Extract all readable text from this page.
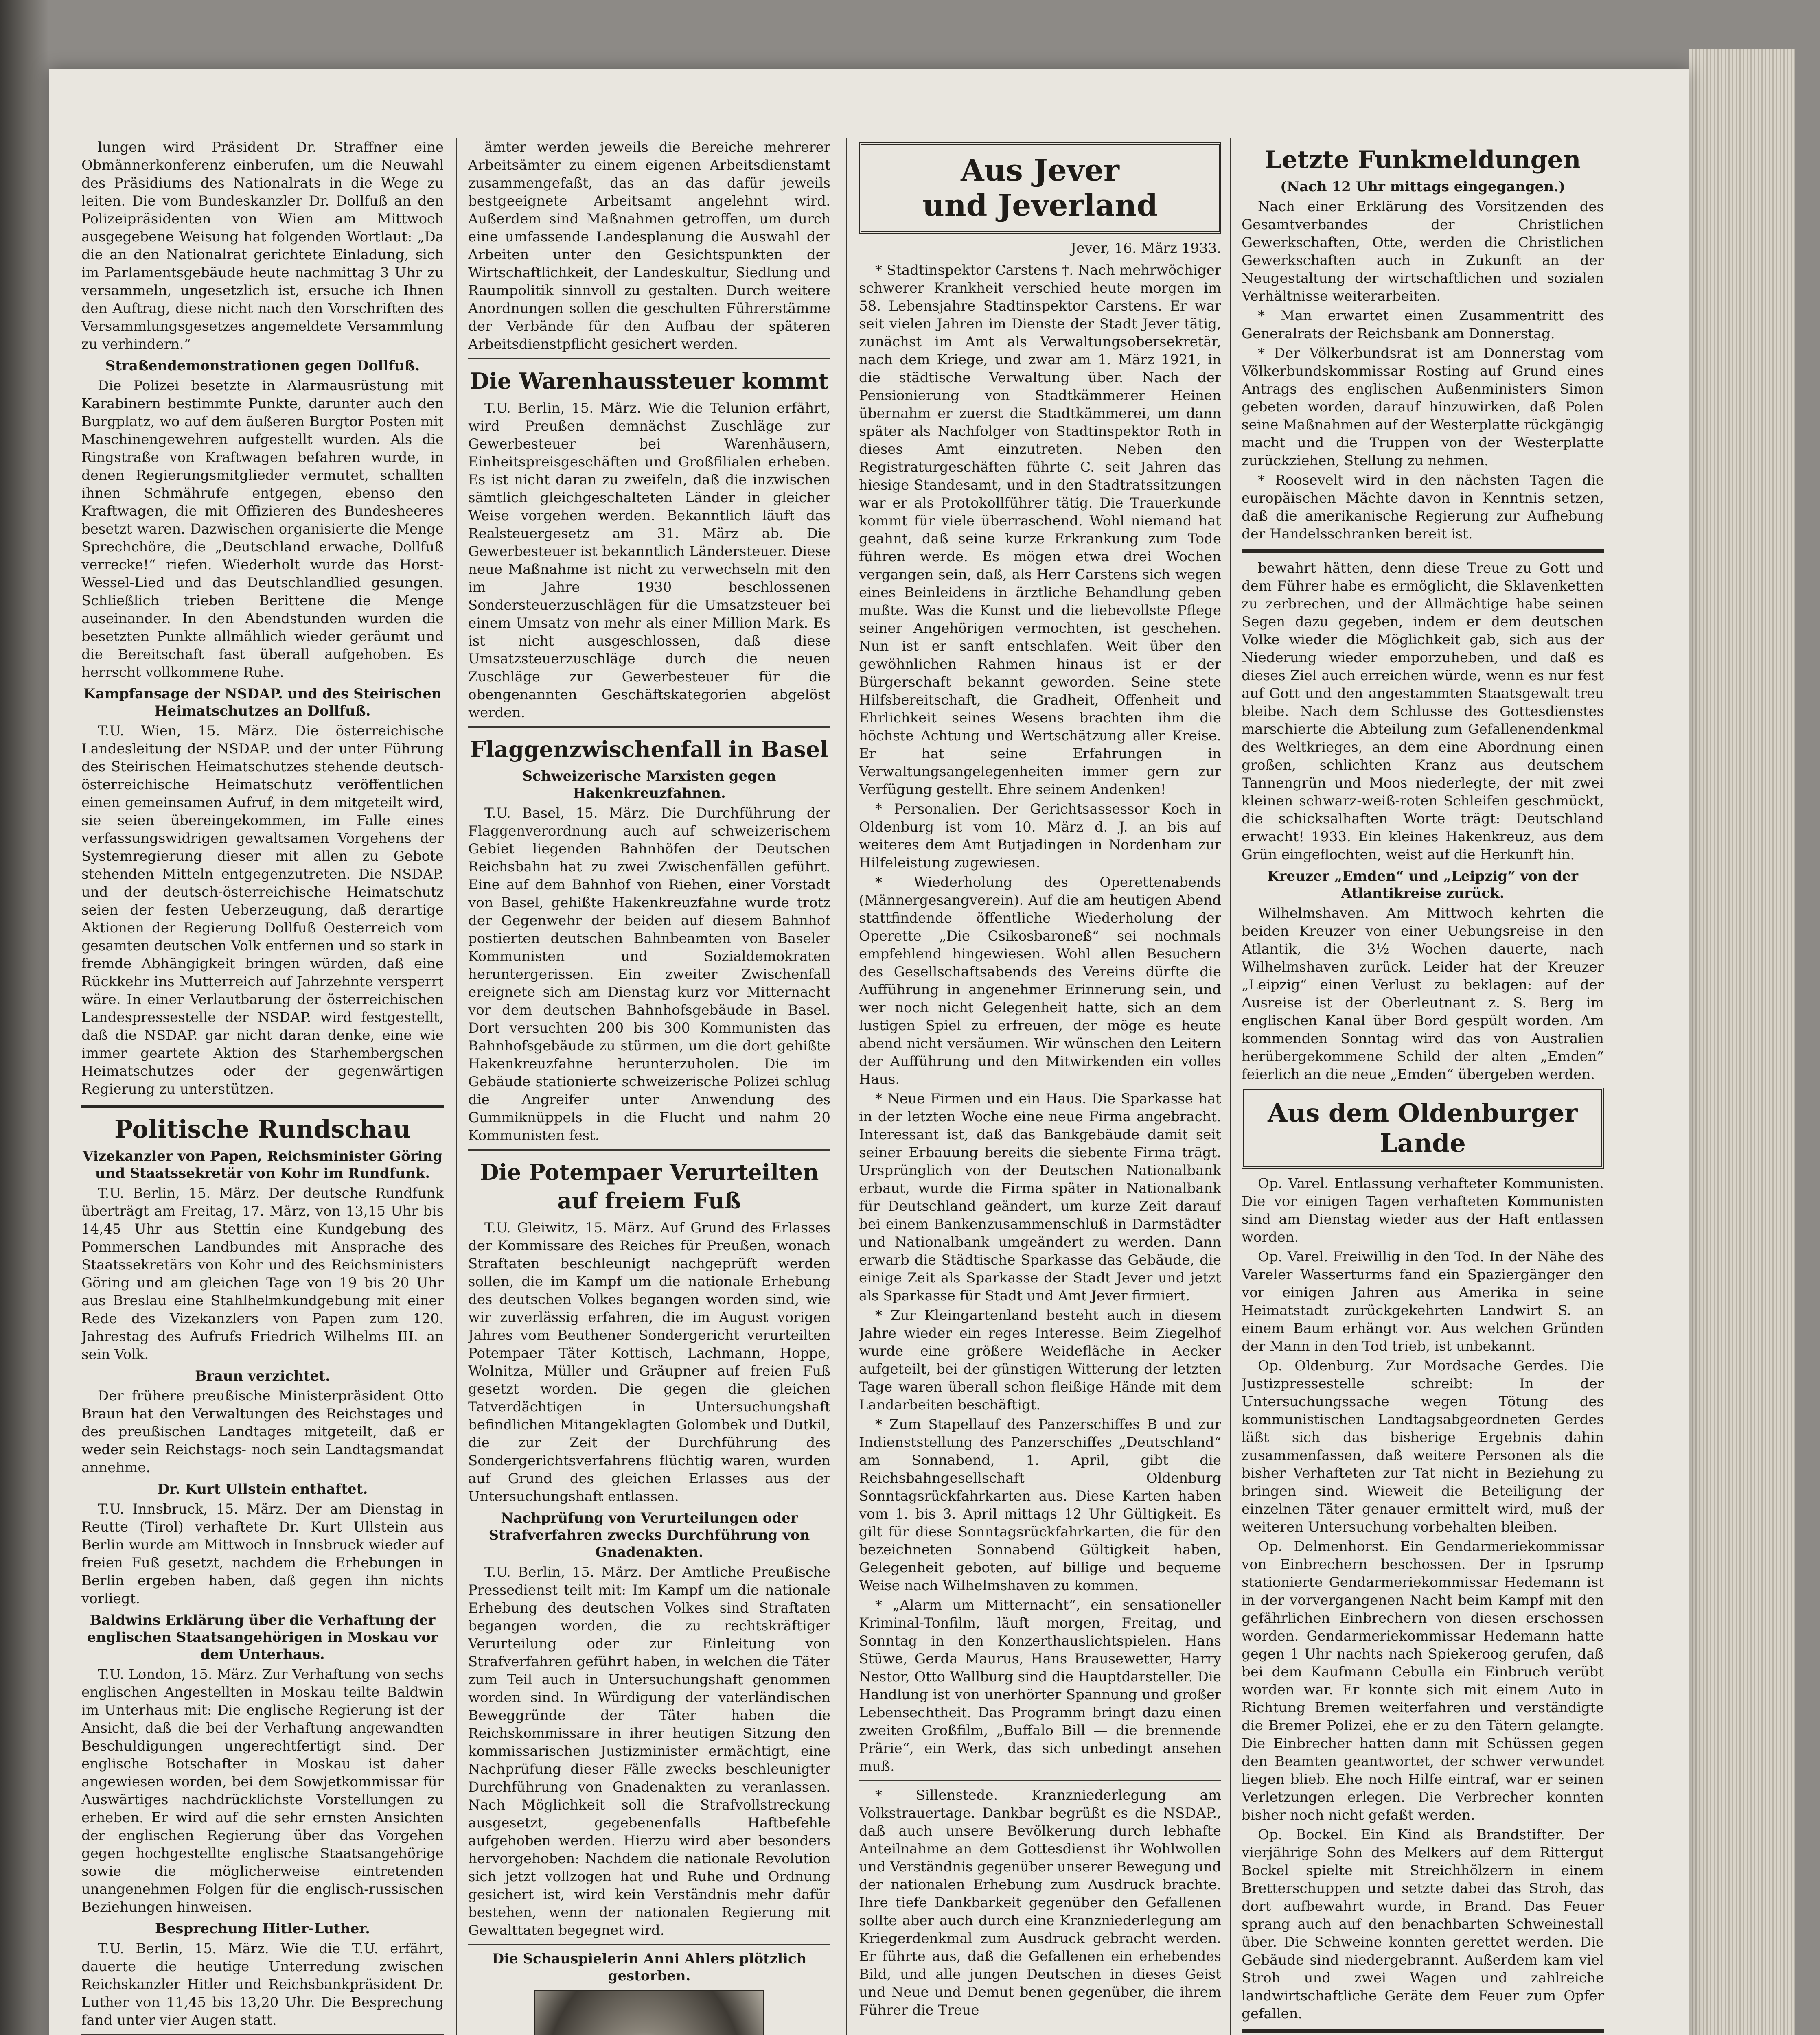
lungen wird Präsident Dr. Straffner eine Obmännerkonferenz einberufen, um die Neuwahl des Präsidiums des Nationalrats in die Wege zu leiten. Die vom Bundeskanzler Dr. Dollfuß an den Polizeipräsidenten von Wien am Mittwoch ausgegebene Weisung hat folgenden Wortlaut: „Da die an den Nationalrat gerichtete Einladung, sich im Parlamentsgebäude heute nachmittag 3 Uhr zu versammeln, ungesetzlich ist, ersuche ich Ihnen den Auftrag, diese nicht nach den Vorschriften des Versammlungsgesetzes angemeldete Versammlung zu verhindern.“

Straßendemonstrationen gegen Dollfuß.

Die Polizei besetzte in Alarmausrüstung mit Karabinern bestimmte Punkte, darunter auch den Burgplatz, wo auf dem äußeren Burgtor Posten mit Maschinengewehren aufgestellt wurden. Als die Ringstraße von Kraftwagen befahren wurde, in denen Regierungsmitglieder vermutet, schallten ihnen Schmährufe entgegen, ebenso den Kraftwagen, die mit Offizieren des Bundesheeres besetzt waren. Dazwischen organisierte die Menge Sprechchöre, die „Deutschland erwache, Dollfuß verrecke!“ riefen. Wiederholt wurde das Horst-Wessel-Lied und das Deutschlandlied gesungen. Schließlich trieben Berittene die Menge auseinander. In den Abendstunden wurden die besetzten Punkte allmählich wieder geräumt und die Bereitschaft fast überall aufgehoben. Es herrscht vollkommene Ruhe.

Kampfansage der NSDAP. und des Steirischen Heimatschutzes an Dollfuß.

T.U. Wien, 15. März. Die österreichische Landesleitung der NSDAP. und der unter Führung des Steirischen Heimatschutzes stehende deutsch-österreichische Heimatschutz veröffentlichen einen gemeinsamen Aufruf, in dem mitgeteilt wird, sie seien übereingekommen, im Falle eines verfassungswidrigen gewaltsamen Vorgehens der Systemregierung dieser mit allen zu Gebote stehenden Mitteln entgegenzutreten. Die NSDAP. und der deutsch-österreichische Heimatschutz seien der festen Ueberzeugung, daß derartige Aktionen der Regierung Dollfuß Oesterreich vom gesamten deutschen Volk entfernen und so stark in fremde Abhängigkeit bringen würden, daß eine Rückkehr ins Mutterreich auf Jahrzehnte versperrt wäre. In einer Verlautbarung der österreichischen Landespressestelle der NSDAP. wird festgestellt, daß die NSDAP. gar nicht daran denke, eine wie immer geartete Aktion des Starhembergschen Heimatschutzes oder der gegenwärtigen Regierung zu unterstützen.

Politische Rundschau
Vizekanzler von Papen, Reichsminister Göring und Staatssekretär von Kohr im Rundfunk.

T.U. Berlin, 15. März. Der deutsche Rundfunk überträgt am Freitag, 17. März, von 13,15 Uhr bis 14,45 Uhr aus Stettin eine Kundgebung des Pommerschen Landbundes mit Ansprache des Staatssekretärs von Kohr und des Reichsministers Göring und am gleichen Tage von 19 bis 20 Uhr aus Breslau eine Stahlhelmkundgebung mit einer Rede des Vizekanzlers von Papen zum 120. Jahrestag des Aufrufs Friedrich Wilhelms III. an sein Volk.

Braun verzichtet.

Der frühere preußische Ministerpräsident Otto Braun hat den Verwaltungen des Reichstages und des preußischen Landtages mitgeteilt, daß er weder sein Reichstags- noch sein Landtagsmandat annehme.

Dr. Kurt Ullstein enthaftet.

T.U. Innsbruck, 15. März. Der am Dienstag in Reutte (Tirol) verhaftete Dr. Kurt Ullstein aus Berlin wurde am Mittwoch in Innsbruck wieder auf freien Fuß gesetzt, nachdem die Erhebungen in Berlin ergeben haben, daß gegen ihn nichts vorliegt.

Baldwins Erklärung über die Verhaftung der englischen Staatsangehörigen in Moskau vor dem Unterhaus.

T.U. London, 15. März. Zur Verhaftung von sechs englischen Angestellten in Moskau teilte Baldwin im Unterhaus mit: Die englische Regierung ist der Ansicht, daß die bei der Verhaftung angewandten Beschuldigungen ungerechtfertigt sind. Der englische Botschafter in Moskau ist daher angewiesen worden, bei dem Sowjetkommissar für Auswärtiges nachdrücklichste Vorstellungen zu erheben. Er wird auf die sehr ernsten Ansichten der englischen Regierung über das Vorgehen gegen hochgestellte englische Staatsangehörige sowie die möglicherweise eintretenden unangenehmen Folgen für die englisch-russischen Beziehungen hinweisen.

Besprechung Hitler-Luther.

T.U. Berlin, 15. März. Wie die T.U. erfährt, dauerte die heutige Unterredung zwischen Reichskanzler Hitler und Reichsbankpräsident Dr. Luther von 11,45 bis 13,20 Uhr. Die Besprechung fand unter vier Augen statt.

ämter werden jeweils die Bereiche mehrerer Arbeitsämter zu einem eigenen Arbeitsdienstamt zusammengefaßt, das an das dafür jeweils bestgeeignete Arbeitsamt angelehnt wird. Außerdem sind Maßnahmen getroffen, um durch eine umfassende Landesplanung die Auswahl der Arbeiten unter den Gesichtspunkten der Wirtschaftlichkeit, der Landeskultur, Siedlung und Raumpolitik sinnvoll zu gestalten. Durch weitere Anordnungen sollen die geschulten Führerstämme der Verbände für den Aufbau der späteren Arbeitsdienstpflicht gesichert werden.

Die Warenhaussteuer kommt

T.U. Berlin, 15. März. Wie die Telunion erfährt, wird Preußen demnächst Zuschläge zur Gewerbesteuer bei Warenhäusern, Einheitspreisgeschäften und Großfilialen erheben. Es ist nicht daran zu zweifeln, daß die inzwischen sämtlich gleichgeschalteten Länder in gleicher Weise vorgehen werden. Bekanntlich läuft das Realsteuergesetz am 31. März ab. Die Gewerbesteuer ist bekanntlich Ländersteuer. Diese neue Maßnahme ist nicht zu verwechseln mit den im Jahre 1930 beschlossenen Sondersteuerzuschlägen für die Umsatzsteuer bei einem Umsatz von mehr als einer Million Mark. Es ist nicht ausgeschlossen, daß diese Umsatzsteuerzuschläge durch die neuen Zuschläge zur Gewerbesteuer für die obengenannten Geschäftskategorien abgelöst werden.

Flaggenzwischenfall in Basel
Schweizerische Marxisten gegen Hakenkreuzfahnen.

T.U. Basel, 15. März. Die Durchführung der Flaggenverordnung auch auf schweizerischem Gebiet liegenden Bahnhöfen der Deutschen Reichsbahn hat zu zwei Zwischenfällen geführt. Eine auf dem Bahnhof von Riehen, einer Vorstadt von Basel, gehißte Hakenkreuzfahne wurde trotz der Gegenwehr der beiden auf diesem Bahnhof postierten deutschen Bahnbeamten von Baseler Kommunisten und Sozialdemokraten heruntergerissen. Ein zweiter Zwischenfall ereignete sich am Dienstag kurz vor Mitternacht vor dem deutschen Bahnhofsgebäude in Basel. Dort versuchten 200 bis 300 Kommunisten das Bahnhofsgebäude zu stürmen, um die dort gehißte Hakenkreuzfahne herunterzuholen. Die im Gebäude stationierte schweizerische Polizei schlug die Angreifer unter Anwendung des Gummiknüppels in die Flucht und nahm 20 Kommunisten fest.

Die Potempaer Verurteilten auf freiem Fuß

T.U. Gleiwitz, 15. März. Auf Grund des Erlasses der Kommissare des Reiches für Preußen, wonach Straftaten beschleunigt nachgeprüft werden sollen, die im Kampf um die nationale Erhebung des deutschen Volkes begangen worden sind, wie wir zuverlässig erfahren, die im August vorigen Jahres vom Beuthener Sondergericht verurteilten Potempaer Täter Kottisch, Lachmann, Hoppe, Wolnitza, Müller und Gräupner auf freien Fuß gesetzt worden. Die gegen die gleichen Tatverdächtigen in Untersuchungshaft befindlichen Mitangeklagten Golombek und Dutkil, die zur Zeit der Durchführung des Sondergerichtsverfahrens flüchtig waren, wurden auf Grund des gleichen Erlasses aus der Untersuchungshaft entlassen.

Nachprüfung von Verurteilungen oder Strafverfahren zwecks Durchführung von Gnadenakten.

T.U. Berlin, 15. März. Der Amtliche Preußische Pressedienst teilt mit: Im Kampf um die nationale Erhebung des deutschen Volkes sind Straftaten begangen worden, die zu rechtskräftiger Verurteilung oder zur Einleitung von Strafverfahren geführt haben, in welchen die Täter zum Teil auch in Untersuchungshaft genommen worden sind. In Würdigung der vaterländischen Beweggründe der Täter haben die Reichskommissare in ihrer heutigen Sitzung den kommissarischen Justizminister ermächtigt, eine Nachprüfung dieser Fälle zwecks beschleunigter Durchführung von Gnadenakten zu veranlassen. Nach Möglichkeit soll die Strafvollstreckung ausgesetzt, gegebenenfalls Haftbefehle aufgehoben werden. Hierzu wird aber besonders hervorgehoben: Nachdem die nationale Revolution sich jetzt vollzogen hat und Ruhe und Ordnung gesichert ist, wird kein Verständnis mehr dafür bestehen, wenn der nationalen Regierung mit Gewalttaten begegnet wird.

Die Schauspielerin Anni Ahlers plötzlich gestorben.

Aus Jever
und Jeverland
Jever, 16. März 1933.

* Stadtinspektor Carstens †. Nach mehrwöchiger schwerer Krankheit verschied heute morgen im 58. Lebensjahre Stadtinspektor Carstens. Er war seit vielen Jahren im Dienste der Stadt Jever tätig, zunächst im Amt als Verwaltungsobersekretär, nach dem Kriege, und zwar am 1. März 1921, in die städtische Verwaltung über. Nach der Pensionierung von Stadtkämmerer Heinen übernahm er zuerst die Stadtkämmerei, um dann später als Nachfolger von Stadtinspektor Roth in dieses Amt einzutreten. Neben den Registraturgeschäften führte C. seit Jahren das hiesige Standesamt, und in den Stadtratssitzungen war er als Protokollführer tätig. Die Trauerkunde kommt für viele überraschend. Wohl niemand hat geahnt, daß seine kurze Erkrankung zum Tode führen werde. Es mögen etwa drei Wochen vergangen sein, daß, als Herr Carstens sich wegen eines Beinleidens in ärztliche Behandlung geben mußte. Was die Kunst und die liebevollste Pflege seiner Angehörigen vermochten, ist geschehen. Nun ist er sanft entschlafen. Weit über den gewöhnlichen Rahmen hinaus ist er der Bürgerschaft bekannt geworden. Seine stete Hilfsbereitschaft, die Gradheit, Offenheit und Ehrlichkeit seines Wesens brachten ihm die höchste Achtung und Wertschätzung aller Kreise. Er hat seine Erfahrungen in Verwaltungsangelegenheiten immer gern zur Verfügung gestellt. Ehre seinem Andenken!

* Personalien. Der Gerichtsassessor Koch in Oldenburg ist vom 10. März d. J. an bis auf weiteres dem Amt Butjadingen in Nordenham zur Hilfeleistung zugewiesen.

* Wiederholung des Operettenabends (Männergesangverein). Auf die am heutigen Abend stattfindende öffentliche Wiederholung der Operette „Die Csikosbaroneß“ sei nochmals empfehlend hingewiesen. Wohl allen Besuchern des Gesellschaftsabends des Vereins dürfte die Aufführung in angenehmer Erinnerung sein, und wer noch nicht Gelegenheit hatte, sich an dem lustigen Spiel zu erfreuen, der möge es heute abend nicht versäumen. Wir wünschen den Leitern der Aufführung und den Mitwirkenden ein volles Haus.

* Neue Firmen und ein Haus. Die Sparkasse hat in der letzten Woche eine neue Firma angebracht. Interessant ist, daß das Bankgebäude damit seit seiner Erbauung bereits die siebente Firma trägt. Ursprünglich von der Deutschen Nationalbank erbaut, wurde die Firma später in Nationalbank für Deutschland geändert, um kurze Zeit darauf bei einem Bankenzusammenschluß in Darmstädter und Nationalbank umgeändert zu werden. Dann erwarb die Städtische Sparkasse das Gebäude, die einige Zeit als Sparkasse der Stadt Jever und jetzt als Sparkasse für Stadt und Amt Jever firmiert.

* Zur Kleingartenland besteht auch in diesem Jahre wieder ein reges Interesse. Beim Ziegelhof wurde eine größere Weidefläche in Aecker aufgeteilt, bei der günstigen Witterung der letzten Tage waren überall schon fleißige Hände mit dem Landarbeiten beschäftigt.

* Zum Stapellauf des Panzerschiffes B und zur Indienststellung des Panzerschiffes „Deutschland“ am Sonnabend, 1. April, gibt die Reichsbahngesellschaft Oldenburg Sonntagsrückfahrkarten aus. Diese Karten haben vom 1. bis 3. April mittags 12 Uhr Gültigkeit. Es gilt für diese Sonntagsrückfahrkarten, die für den bezeichneten Sonnabend Gültigkeit haben, Gelegenheit geboten, auf billige und bequeme Weise nach Wilhelmshaven zu kommen.

* „Alarm um Mitternacht“, ein sensationeller Kriminal-Tonfilm, läuft morgen, Freitag, und Sonntag in den Konzerthauslichtspielen. Hans Stüwe, Gerda Maurus, Hans Brausewetter, Harry Nestor, Otto Wallburg sind die Hauptdarsteller. Die Handlung ist von unerhörter Spannung und großer Lebensechtheit. Das Programm bringt dazu einen zweiten Großfilm, „Buffalo Bill — die brennende Prärie“, ein Werk, das sich unbedingt ansehen muß.

* Sillenstede. Kranzniederlegung am Volkstrauertage. Dankbar begrüßt es die NSDAP., daß auch unsere Bevölkerung durch lebhafte Anteilnahme an dem Gottesdienst ihr Wohlwollen und Verständnis gegenüber unserer Bewegung und der nationalen Erhebung zum Ausdruck brachte. Ihre tiefe Dankbarkeit gegenüber den Gefallenen sollte aber auch durch eine Kranzniederlegung am Kriegerdenkmal zum Ausdruck gebracht werden. Er führte aus, daß die Gefallenen ein erhebendes Bild, und alle jungen Deutschen in dieses Geist und Neue und Demut benen gegenüber, die ihrem Führer die Treue

Letzte Funkmeldungen
(Nach 12 Uhr mittags eingegangen.)

Nach einer Erklärung des Vorsitzenden des Gesamtverbandes der Christlichen Gewerkschaften, Otte, werden die Christlichen Gewerkschaften auch in Zukunft an der Neugestaltung der wirtschaftlichen und sozialen Verhältnisse weiterarbeiten.

* Man erwartet einen Zusammentritt des Generalrats der Reichsbank am Donnerstag.

* Der Völkerbundsrat ist am Donnerstag vom Völkerbundskommissar Rosting auf Grund eines Antrags des englischen Außenministers Simon gebeten worden, darauf hinzuwirken, daß Polen seine Maßnahmen auf der Westerplatte rückgängig macht und die Truppen von der Westerplatte zurückziehen, Stellung zu nehmen.

* Roosevelt wird in den nächsten Tagen die europäischen Mächte davon in Kenntnis setzen, daß die amerikanische Regierung zur Aufhebung der Handelsschranken bereit ist.

bewahrt hätten, denn diese Treue zu Gott und dem Führer habe es ermöglicht, die Sklavenketten zu zerbrechen, und der Allmächtige habe seinen Segen dazu gegeben, indem er dem deutschen Volke wieder die Möglichkeit gab, sich aus der Niederung wieder emporzuheben, und daß es dieses Ziel auch erreichen würde, wenn es nur fest auf Gott und den angestammten Staatsgewalt treu bleibe. Nach dem Schlusse des Gottesdienstes marschierte die Abteilung zum Gefallenendenkmal des Weltkrieges, an dem eine Abordnung einen großen, schlichten Kranz aus deutschem Tannengrün und Moos niederlegte, der mit zwei kleinen schwarz-weiß-roten Schleifen geschmückt, die schicksalhaften Worte trägt: Deutschland erwacht! 1933. Ein kleines Hakenkreuz, aus dem Grün eingeflochten, weist auf die Herkunft hin.

Kreuzer „Emden“ und „Leipzig“ von der Atlantikreise zurück.

Wilhelmshaven. Am Mittwoch kehrten die beiden Kreuzer von einer Uebungsreise in den Atlantik, die 3½ Wochen dauerte, nach Wilhelmshaven zurück. Leider hat der Kreuzer „Leipzig“ einen Verlust zu beklagen: auf der Ausreise ist der Oberleutnant z. S. Berg im englischen Kanal über Bord gespült worden. Am kommenden Sonntag wird das von Australien herübergekommene Schild der alten „Emden“ feierlich an die neue „Emden“ übergeben werden.

Aus dem Oldenburger
Lande

Op. Varel. Entlassung verhafteter Kommunisten. Die vor einigen Tagen verhafteten Kommunisten sind am Dienstag wieder aus der Haft entlassen worden.

Op. Varel. Freiwillig in den Tod. In der Nähe des Vareler Wasserturms fand ein Spaziergänger den vor einigen Jahren aus Amerika in seine Heimatstadt zurückgekehrten Landwirt S. an einem Baum erhängt vor. Aus welchen Gründen der Mann in den Tod trieb, ist unbekannt.

Op. Oldenburg. Zur Mordsache Gerdes. Die Justizpressestelle schreibt: In der Untersuchungssache wegen Tötung des kommunistischen Landtagsabgeordneten Gerdes läßt sich das bisherige Ergebnis dahin zusammenfassen, daß weitere Personen als die bisher Verhafteten zur Tat nicht in Beziehung zu bringen sind. Wieweit die Beteiligung der einzelnen Täter genauer ermittelt wird, muß der weiteren Untersuchung vorbehalten bleiben.

Op. Delmenhorst. Ein Gendarmeriekommissar von Einbrechern beschossen. Der in Ipsrump stationierte Gendarmeriekommissar Hedemann ist in der vorvergangenen Nacht beim Kampf mit den gefährlichen Einbrechern von diesen erschossen worden. Gendarmeriekommissar Hedemann hatte gegen 1 Uhr nachts nach Spiekeroog gerufen, daß bei dem Kaufmann Cebulla ein Einbruch verübt worden war. Er konnte sich mit einem Auto in Richtung Bremen weiterfahren und verständigte die Bremer Polizei, ehe er zu den Tätern gelangte. Die Einbrecher hatten dann mit Schüssen gegen den Beamten geantwortet, der schwer verwundet liegen blieb. Ehe noch Hilfe eintraf, war er seinen Verletzungen erlegen. Die Verbrecher konnten bisher noch nicht gefaßt werden.

Op. Bockel. Ein Kind als Brandstifter. Der vierjährige Sohn des Melkers auf dem Rittergut Bockel spielte mit Streichhölzern in einem Bretterschuppen und setzte dabei das Stroh, das dort aufbewahrt wurde, in Brand. Das Feuer sprang auch auf den benachbarten Schweinestall über. Die Schweine konnten gerettet werden. Die Gebäude sind niedergebrannt. Außerdem kam viel Stroh und zwei Wagen und zahlreiche landwirtschaftliche Geräte dem Feuer zum Opfer gefallen.
